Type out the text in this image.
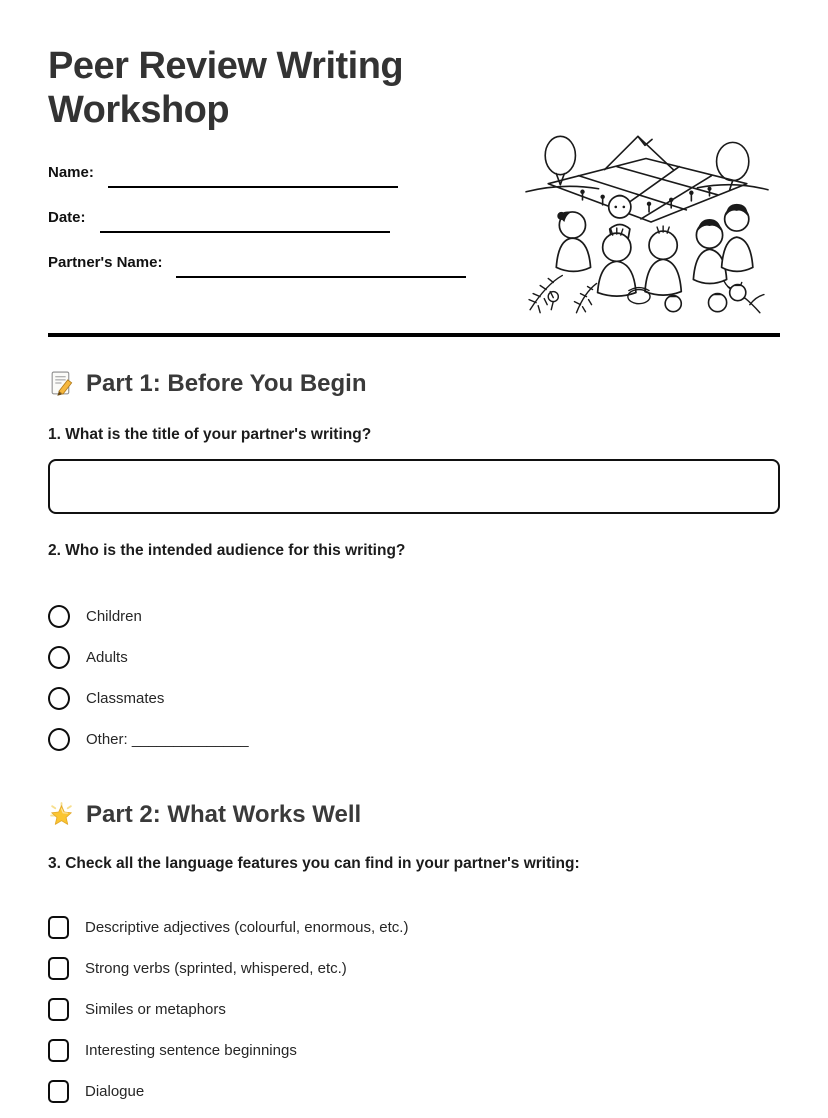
Peer Review Writing Workshop
Name:
Date:
Partner's Name:
Part 1: Before You Begin

1. What is the title of your partner's writing?

2. Who is the intended audience for this writing?

Children
Adults
Classmates
Other: ______________
Part 2: What Works Well

3. Check all the language features you can find in your partner's writing:

Descriptive adjectives (colourful, enormous, etc.)
Strong verbs (sprinted, whispered, etc.)
Similes or metaphors
Interesting sentence beginnings
Dialogue
